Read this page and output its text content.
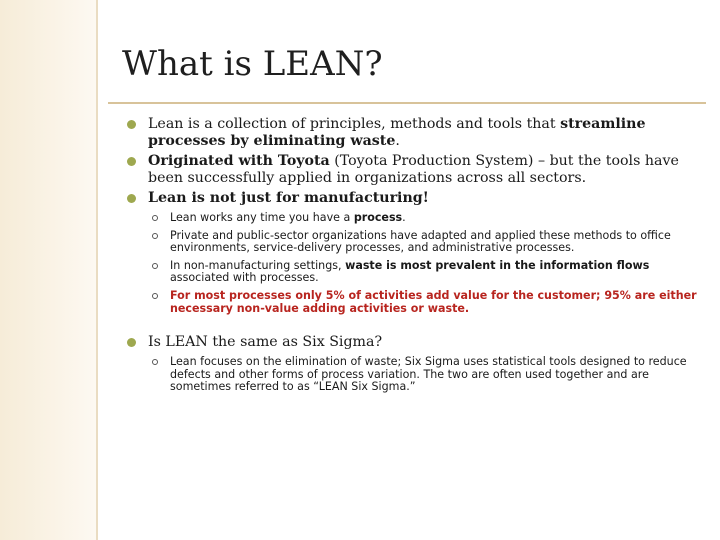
What is LEAN?
Lean is a collection of principles, methods and tools that streamline processes by eliminating waste.
Originated with Toyota (Toyota Production System) – but the tools have been successfully applied in organizations across all sectors.
Lean is not just for manufacturing!
Lean works any time you have a process.
Private and public-sector organizations have adapted and applied these methods to office environments, service-delivery processes, and administrative processes.
In non-manufacturing settings, waste is most prevalent in the information flows associated with processes.
For most processes only 5% of activities add value for the customer; 95% are either necessary non-value adding activities or waste.
Is LEAN the same as Six Sigma?
Lean focuses on the elimination of waste; Six Sigma uses statistical tools designed to reduce defects and other forms of process variation. The two are often used together and are sometimes referred to as “LEAN Six Sigma.”
